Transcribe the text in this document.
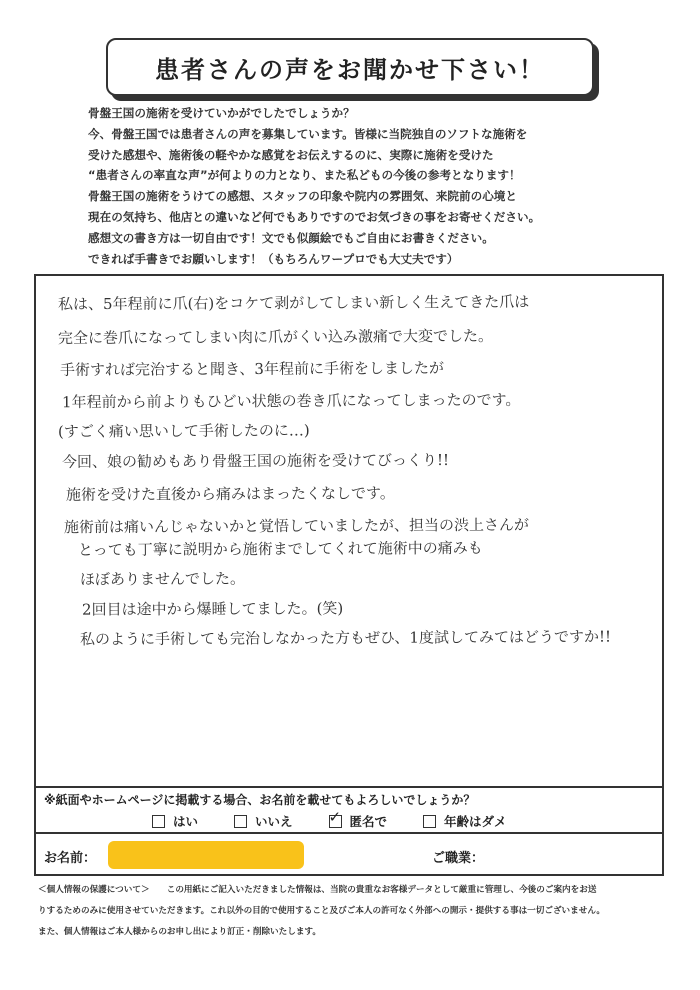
患者さんの声をお聞かせ下さい！
骨盤王国の施術を受けていかがでしたでしょうか？
今、骨盤王国では患者さんの声を募集しています。皆様に当院独自のソフトな施術を
受けた感想や、施術後の軽やかな感覚をお伝えするのに、実際に施術を受けた
“患者さんの率直な声”が何よりの力となり、また私どもの今後の参考となります！
骨盤王国の施術をうけての感想、スタッフの印象や院内の雰囲気、来院前の心境と
現在の気持ち、他店との違いなど何でもありですのでお気づきの事をお寄せください。
感想文の書き方は一切自由です！文でも似顔絵でもご自由にお書きください。
できれば手書きでお願いします！（もちろんワープロでも大丈夫です）
私は、5年程前に爪(右)をコケて剥がしてしまい新しく生えてきた爪は
完全に巻爪になってしまい肉に爪がくい込み激痛で大変でした。
手術すれば完治すると聞き、3年程前に手術をしましたが
1年程前から前よりもひどい状態の巻き爪になってしまったのです。
(すごく痛い思いして手術したのに…)
今回、娘の勧めもあり骨盤王国の施術を受けてびっくり!!
施術を受けた直後から痛みはまったくなしです。
施術前は痛いんじゃないかと覚悟していましたが、担当の渋上さんが
とっても丁寧に説明から施術までしてくれて施術中の痛みも
ほぼありませんでした。
2回目は途中から爆睡してました。(笑)
私のように手術しても完治しなかった方もぜひ、1度試してみてはどうですか!!
※紙面やホームページに掲載する場合、お名前を載せてもよろしいでしょうか？
はい	いいえ ✓ 匿名で	年齢はダメ
お名前：	ご職業：
＜個人情報の保護について＞　　この用紙にご記入いただきました情報は、当院の貴重なお客様データとして厳重に管理し、今後のご案内をお送
りするためのみに使用させていただきます。これ以外の目的で使用すること及びご本人の許可なく外部への開示・提供する事は一切ございません。
また、個人情報はご本人様からのお申し出により訂正・削除いたします。
